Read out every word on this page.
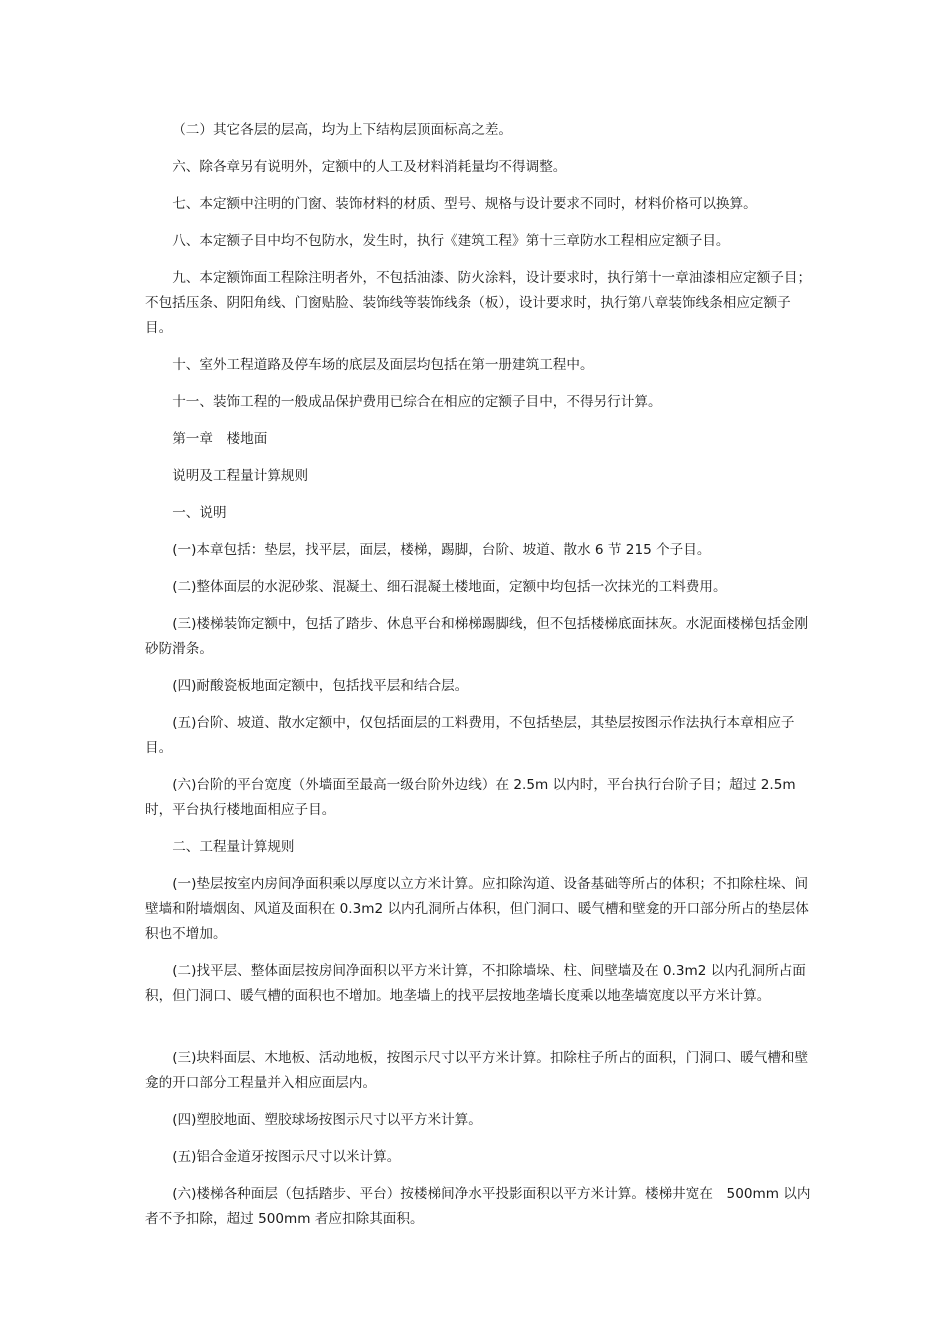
（二）其它各层的层高，均为上下结构层顶面标高之差。

六、除各章另有说明外，定额中的人工及材料消耗量均不得调整。

七、本定额中注明的门窗、装饰材料的材质、型号、规格与设计要求不同时，材料价格可以换算。

八、本定额子目中均不包防水，发生时，执行《建筑工程》第十三章防水工程相应定额子目。

九、本定额饰面工程除注明者外，不包括油漆、防火涂料，设计要求时，执行第十一章油漆相应定额子目；不包括压条、阴阳角线、门窗贴脸、装饰线等装饰线条（板），设计要求时，执行第八章装饰线条相应定额子目。

十、室外工程道路及停车场的底层及面层均包括在第一册建筑工程中。

十一、装饰工程的一般成品保护费用已综合在相应的定额子目中，不得另行计算。

第一章　楼地面

说明及工程量计算规则

一、说明

(一)本章包括：垫层，找平层，面层，楼梯，踢脚，台阶、坡道、散水 6 节 215 个子目。

(二)整体面层的水泥砂浆、混凝土、细石混凝土楼地面，定额中均包括一次抹光的工料费用。

(三)楼梯装饰定额中，包括了踏步、休息平台和梯梯踢脚线，但不包括楼梯底面抹灰。水泥面楼梯包括金刚砂防滑条。

(四)耐酸瓷板地面定额中，包括找平层和结合层。

(五)台阶、坡道、散水定额中，仅包括面层的工料费用，不包括垫层，其垫层按图示作法执行本章相应子目。

(六)台阶的平台宽度（外墙面至最高一级台阶外边线）在 2.5m 以内时，平台执行台阶子目；超过 2.5m 时，平台执行楼地面相应子目。

二、工程量计算规则

(一)垫层按室内房间净面积乘以厚度以立方米计算。应扣除沟道、设备基础等所占的体积；不扣除柱垛、间壁墙和附墙烟囱、风道及面积在 0.3m2 以内孔洞所占体积，但门洞口、暖气槽和壁龛的开口部分所占的垫层体积也不增加。

(二)找平层、整体面层按房间净面积以平方米计算，不扣除墙垛、柱、间壁墙及在 0.3m2 以内孔洞所占面积，但门洞口、暖气槽的面积也不增加。地垄墙上的找平层按地垄墙长度乘以地垄墙宽度以平方米计算。

(三)块料面层、木地板、活动地板，按图示尺寸以平方米计算。扣除柱子所占的面积，门洞口、暖气槽和壁龛的开口部分工程量并入相应面层内。

(四)塑胶地面、塑胶球场按图示尺寸以平方米计算。

(五)铝合金道牙按图示尺寸以米计算。

(六)楼梯各种面层（包括踏步、平台）按楼梯间净水平投影面积以平方米计算。楼梯井宽在　500mm 以内者不予扣除，超过 500mm 者应扣除其面积。
